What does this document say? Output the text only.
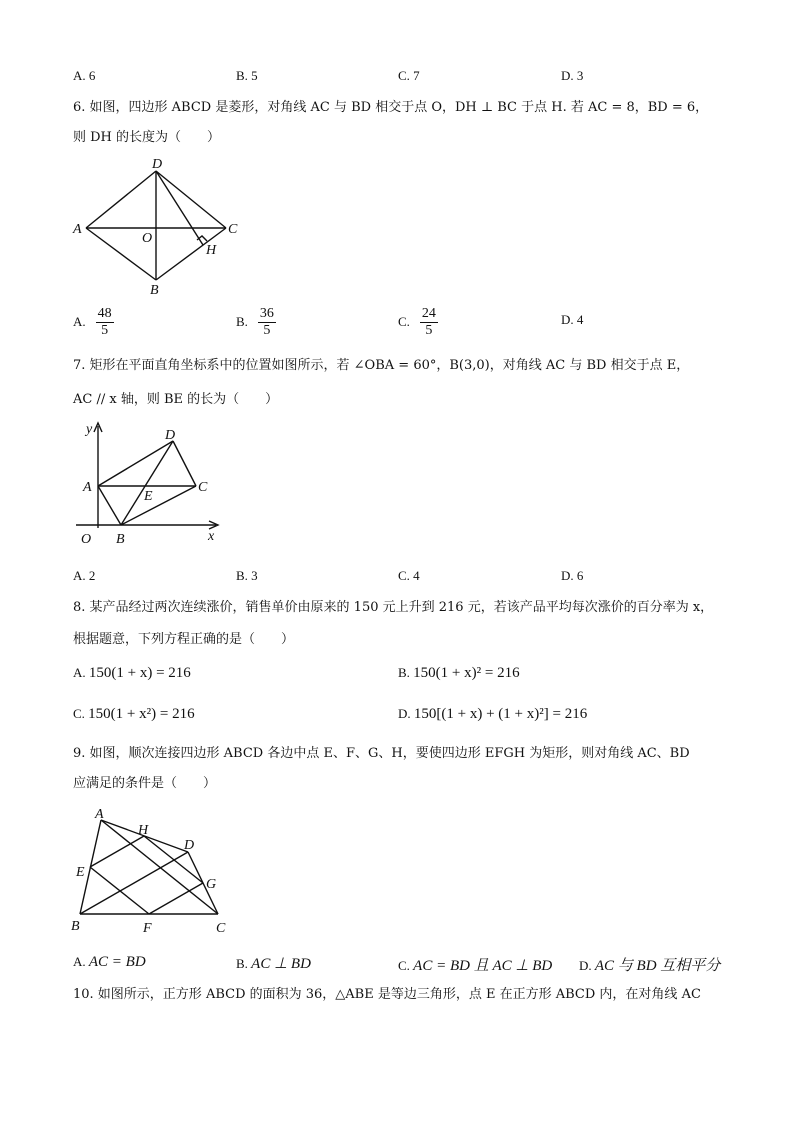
A. 6	B. 5	C. 7	D. 3
6. 如图，四边形 ABCD 是菱形，对角线 AC 与 BD 相交于点 O，DH ⊥ BC 于点 H. 若 AC = 8，BD = 6，
则 DH 的长度为（　　）
D
A
O
C
H
B
A. $\frac{48}{5}$	B. $\frac{36}{5}$	C. $\frac{24}{5}$	D. 4
7. 矩形在平面直角坐标系中的位置如图所示，若 ∠OBA = 60°，B(3,0)，对角线 AC 与 BD 相交于点 E，
AC // x 轴，则 BE 的长为（　　）
y	D
A	C
E
O B	x
A. 2	B. 3	C. 4	D. 6
8. 某产品经过两次连续涨价，销售单价由原来的 150 元上升到 216 元，若该产品平均每次涨价的百分率为 x，
根据题意，下列方程正确的是（　　）
A. 150(1 + x) = 216	B. 150(1 + x)² = 216
C. 150(1 + x²) = 216	D. 150[(1 + x) + (1 + x)²] = 216
9. 如图，顺次连接四边形 ABCD 各边中点 E、F、G、H，要使四边形 EFGH 为矩形，则对角线 AC、BD
应满足的条件是（　　）
A
H
D
E
G
B	F	C
A. AC = BD	B. AC ⊥ BD	C. AC = BD 且 AC ⊥ BD D. AC 与 BD 互相平分
10. 如图所示，正方形 ABCD 的面积为 36，△ABE 是等边三角形，点 E 在正方形 ABCD 内，在对角线 AC
